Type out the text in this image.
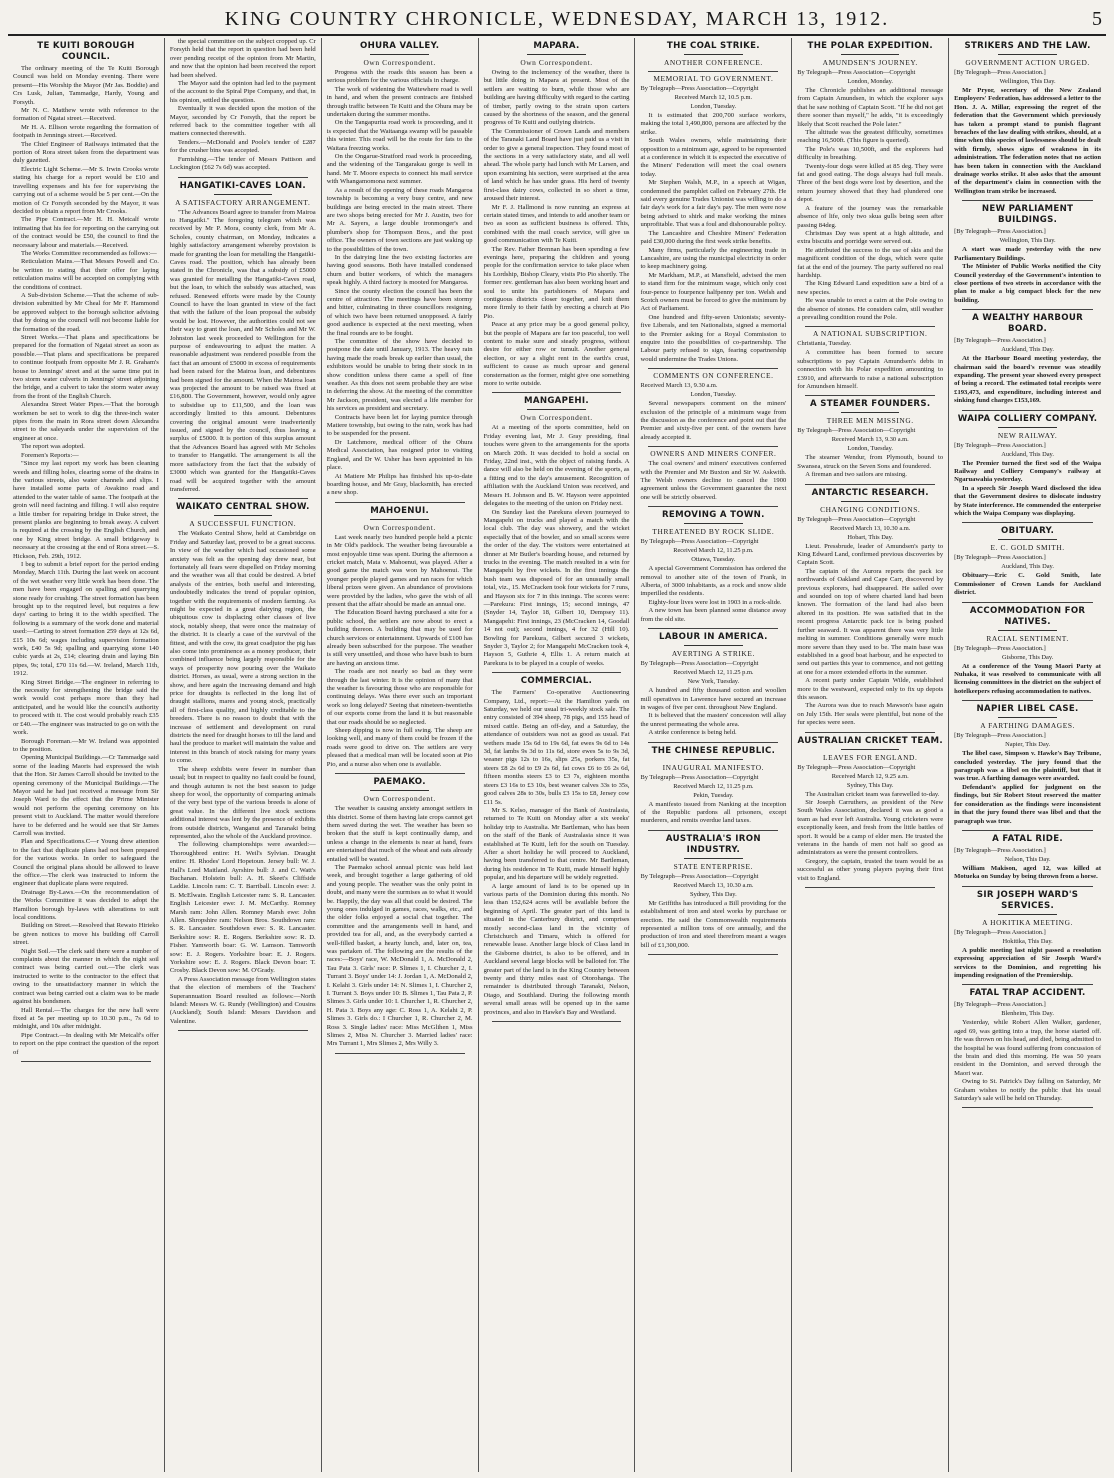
KING COUNTRY CHRONICLE, WEDNESDAY, MARCH 13, 1912.	5
TE KUITI BOROUGH COUNCIL.

The ordinary meeting of the Te Kuiti Borough Council was held on Monday evening. There were present—His Worship the Mayor (Mr Jas. Boddie) and Crs Lusk, Julian, Tammadge, Hardy, Young and Forsyth.

Mr N. C. Matthew wrote with reference to the formation of Ngatai street.—Received.

Mr H. A. Ellison wrote regarding the formation of footpath in Jennings street.—Received.

The Chief Engineer of Railways intimated that the portion of Rora street taken from the department was duly gazetted.

Electric Light Scheme.—Mr S. Irwin Crooks wrote stating his charge for a report would be £10 and travelling expenses and his fee for supervising the carrying out of a scheme would be 5 per cent.—On the motion of Cr Forsyth seconded by the Mayor, it was decided to obtain a report from Mr Crooks.

The Pipe Contract.—Mr H. H. Metcalf wrote intimating that his fee for reporting on the carrying out of the contract would be £50, the council to find the necessary labour and materials.—Received.

The Works Committee recommended as follows:—

Reticulation Mains.—That Messrs Powell and Co. be written to stating that their offer for laying reticulation mains will be accepted on complying with the conditions of contract.

A Sub-division Scheme.—That the scheme of sub-division submitted by Mr Cheal for Mr F. Hammond be approved subject to the borough solicitor advising that by doing so the council will not become liable for the formation of the road.

Street Works.—That plans and specifications be prepared for the formation of Ngatai street as soon as possible.—That plans and specifications be prepared to continue footpath from opposite Mr J. R. Graham's house to Jennings' street and at the same time put in two storm water culverts in Jennings' street adjoining the bridge, and a culvert to take the storm water away from the front of the English Church.

Alexandra Street Water Pipes.—That the borough workmen be set to work to dig the three-inch water pipes from the main in Rora street down Alexandra street to the saleyards under the supervision of the engineer at once.

The report was adopted.

Foremen's Reports:—

"Since my last report my work has been cleaning weeds and filling holes, clearing some of the drains in the various streets, also water channels and slips. I have installed some parts of Awakino road and attended to the water table of same. The footpath at the groin will need facining and filling. I will also require a little timber for repairing bridge in Duke street, the present planks are beginning to break away. A culvert is required at the crossing by the English Church, and one by King street bridge. A small bridgeway is necessary at the crossing at the end of Rora street.—S. Hickson, Feb. 29th, 1912.

I beg to submit a brief report for the period ending Monday, March 11th. During the last week on account of the wet weather very little work has been done. The men have been engaged on spalling and quarrying stone ready for crushing. The street formation has been brought up to the required level, but requires a few days' carting to bring it to the width specified. The following is a summary of the work done and material used:—Carting to street formation 259 days at 12s 6d, £15 10s 6d; wages including supervision formation work, £40 5s 9d; spalling and quarrying stone 140 cubic yards at 2s, £14; clearing drain and laying Bin pipes, 9s; total, £70 11s 6d.—W. Ireland, March 11th, 1912.

King Street Bridge.—The engineer in referring to the necessity for strengthening the bridge said the work would cost perhaps more than they had anticipated, and he would like the council's authority to proceed with it. The cost would probably reach £35 or £40.—The engineer was instructed to go on with the work.

Borough Foreman.—Mr W. Ireland was appointed to the position.

Opening Municipal Buildings.—Cr Tammadge said some of the leading Maoris had expressed the wish that the Hon. Sir James Carroll should be invited to the opening ceremony of the Municipal Buildings.—The Mayor said he had just received a message from Sir Joseph Ward to the effect that the Prime Minister would not perform the opening ceremony on his present visit to Auckland. The matter would therefore have to be deferred and he would see that Sir James Carroll was invited.

Plan and Specifications.C—r Young drew attention to the fact that duplicate plans had not been prepared for the various works. In order to safeguard the Council the original plans should be allowed to leave the office.—The clerk was instructed to inform the engineer that duplicate plans were required.

Drainage By-Laws.—On the recommendation of the Works Committee it was decided to adopt the Hamilton borough by-laws with alterations to suit local conditions.

Building on Street.—Resolved that Rewato Hirieko be given notices to move his building off Carroll street.

Night Soil.—The clerk said there were a number of complaints about the manner in which the night soil contract was being carried out.—The clerk was instructed to write to the contractor to the effect that owing to the unsatisfactory manner in which the contract was being carried out a claim was to be made against his bondsmen.

Hall Rental.—The charges for the new hall were fixed at 5s per meeting up to 10.30 p.m., 7s 6d to midnight, and 10s after midnight.

Pipe Contract.—In dealing with Mr Metcalf's offer to report on the pipe contract the question of the report of

the special committee on the subject cropped up. Cr Forsyth held that the report in question had been held over pending receipt of the opinion from Mr Martin, and now that the opinion had been received the report had been shelved.

The Mayor said the opinion had led to the payment of the account to the Spiral Pipe Company, and that, in his opinion, settled the question.

Eventually it was decided upon the motion of the Mayor, seconded by Cr Forsyth, that the report be referred back to the committee together with all matters connected therewith.

Tenders.—McDonald and Poole's tender of £287 for the crusher bins was accepted.

Furnishing.—The tender of Messrs Pattison and Lockington (£62 7s 6d) was accepted.

HANGATIKI-CAVES LOAN.
A SATISFACTORY ARRANGEMENT.

"The Advances Board agree to transfer from Mairoa to Hangatiki." The foregoing telegram which was received by Mr P. Mora, county clerk, from Mr A. Scholes, county chairman, on Monday, indicates a highly satisfactory arrangement whereby provision is made for granting the loan for metalling the Hangatiki-Caves road. The position, which has already been stated in the Chronicle, was that a subsidy of £5000 was granted for metalling the Hangatiki-Caves road, but the loan, to which the subsidy was attached, was refused. Renewed efforts were made by the County Council to have the loan granted in view of the fact that with the failure of the loan proposal the subsidy would be lost. However, the authorities could not see their way to grant the loan, and Mr Scholes and Mr W. Johnston last week proceeded to Wellington for the purpose of endeavouring to adjust the matter. A reasonable adjustment was rendered possible from the fact that an amount of £5000 in excess of requirements had been raised for the Mairoa loan, and debentures had been signed for the amount. When the Mairoa loan was projected the amount to be raised was fixed at £16,800. The Government, however, would only agree to subsidise up to £11,500, and the loan was accordingly limited to this amount. Debentures covering the original amount were inadvertently issued, and signed by the council, thus leaving a surplus of £5000. It is portion of this surplus amount that the Advances Board has agreed with Mr Scholes to transfer to Hangatiki. The arrangement is all the more satisfactory from the fact that the subsidy of £3000 which was granted for the Hangatiki-Caves road will be acquired together with the amount transferred.

WAIKATO CENTRAL SHOW.
A SUCCESSFUL FUNCTION.

The Waikato Central Show, held at Cambridge on Friday and Saturday last, proved to be a great success. In view of the weather which had occasioned some anxiety was felt as the opening day drew near, but fortunately all fears were dispelled on Friday morning and the weather was all that could be desired. A brief analysis of the entries, both useful and interesting, undoubtedly indicates the trend of popular opinion, together with the requirements of modern farming. As might be expected in a great dairying region, the ubiquitous cow is displacing other classes of live stock, notably sheep, that were once the mainstay of the district. It is clearly a case of the survival of the fittest, and with the cow, its great coadjutor the pig has also come into prominence as a money producer, their combined influence being largely responsible for the ways of prosperity now pouring over the Waikato district. Horses, as usual, were a strong section in the show, and here again the increasing demand and high price for draughts is reflected in the long list of draught stallions, mares and young stock, practically all of first-class quality, and highly creditable to the breeders. There is no reason to doubt that with the increase of settlement and development on rural districts the need for draught horses to till the land and haul the produce to market will maintain the value and interest in this branch of stock raising for many years to come.

The sheep exhibits were fewer in number than usual; but in respect to quality no fault could be found, and though autumn is not the best season to judge sheep for wool, the opportunity of comparing animals of the very best type of the various breeds is alone of great value. In the different live stock sections additional interest was lent by the presence of exhibits from outside districts, Wanganui and Taranaki being represented, also the whole of the Auckland province.

The following championships were awarded:—Thoroughbred entire: H. Weil's Sylvian. Draught entire: H. Rhodes' Lord Hopetoun. Jersey bull: W. J. Hall's Lord Maitland. Ayrshire bull: J. and C. Watt's Buchanan. Holstein bull: A. H. Skeet's Cliffside Laddie. Lincoln ram: C. T. Barriball. Lincoln ewe: J. B. McElwain. English Leicester ram: S. R. Lancaster. English Leicester ewe: J. M. McCarthy. Romney Marsh ram: John Allen. Romney Marsh ewe: John Allen. Shropshire ram: Nelson Bros. Southdown ram: S. R. Lancaster. Southdown ewe: S. R. Lancaster. Berkshire sow: R. E. Rogers. Berkshire sow: R. D. Fisher. Yamworth boar: G. W. Lamson. Tamworth sow: E. J. Rogers. Yorkshire boar: E. J. Rogers. Yorkshire sow: E. J. Rogers. Black Devon boar: T. Crosby. Black Devon sow: M. O'Grady.

A Press Association message from Wellington states that the election of members of the Teachers' Superannuation Board resulted as follows:—North Island: Messrs W. G. Rundy (Wellington) and Cousins (Auckland); South Island: Messrs Davidson and Valentine.

OHURA VALLEY.
Own Correspondent.

Progress with the roads this season has been a serious problem for the various officials in charge.

The work of widening the Waitewhere road is well in hand, and when the present contracts are finished through traffic between Te Kuiti and the Ohura may be undertaken during the summer months.

On the Tangapurita road work is proceeding, and it is expected that the Waitaanga swamp will be passable this winter. This road will be the route for fats to the Waitara freezing works.

On the Ongarue-Stratford road work is proceeding, and the widening of the Tangarakau gorge is well in hand. Mr T. Moore expects to connect his mail service with Whangamomona next summer.

As a result of the opening of these roads Mangaroa township is becoming a very busy centre, and new buildings are being erected in the main street. There are two shops being erected for Mr J. Austin, two for Mr A. Sayers, a large double ironmonger's and plumber's shop for Thompson Bros., and the post office. The owners of town sections are just waking up to the possibilities of the town.

In the dairying line the two existing factories are having good seasons. Both have installed condensed churn and butter workers, of which the managers speak highly. A third factory is mooted for Mangaroa.

Since the county election the council has been the centre of attraction. The meetings have been stormy and bitter, culminating in three councillors resigning, of which two have been returned unopposed. A fairly good audience is expected at the next meeting, when the final rounds are to be fought.

The committee of the show have decided to postpone the date until January, 1913. The heavy rain having made the roads break up earlier than usual, the exhibitors would be unable to bring their stock in in show condition unless there came a spell of fine weather. As this does not seem probable they are wise in deferring the show. At the meeting of the committee Mr Jackson, president, was elected a life member for his services as president and secretary.

Contracts have been let for laying pumice through Matiere township, but owing to the rain, work has had to be suspended for the present.

Dr Latchmore, medical officer of the Ohura Medical Association, has resigned prior to visiting England, and Dr W. Usher has been appointed in his place.

At Matiere Mr Philips has finished his up-to-date boarding house, and Mr Gray, blacksmith, has erected a new shop.

MAHOENUI.
Own Correspondent.

Last week nearly two hundred people held a picnic in Mr Old's paddock. The weather being favourable a most enjoyable time was spent. During the afternoon a cricket match, Mata v. Mahoenui, was played. After a good game the match was won by Mahoenui. The younger people played games and ran races for which liberal prizes were given. An abundance of provisions were provided by the ladies, who gave the wish of all present that the affair should be made an annual one.

The Education Board having purchased a site for a public school, the settlers are now about to erect a building thereon. A building that may be used for church services or entertainment. Upwards of £100 has already been subscribed for the purpose. The weather is still very unsettled, and those who have bush to burn are having an anxious time.

The roads are not nearly so bad as they were through the last winter. It is the opinion of many that the weather is favouring those who are responsible for continuing delays. Was there ever such an important work so long delayed? Seeing that nineteen-twentieths of our exports come from the land it is but reasonable that our roads should be so neglected.

Sheep dipping is now in full swing. The sheep are looking well, and many of them could be frozen if the roads were good to drive on. The settlers are very pleased that a medical man will be located soon at Pio Pio, and a nurse also when one is available.

PAEMAKO.
Own Correspondent.

The weather is causing anxiety amongst settlers in this district. Some of them having late crops cannot get them saved during the wet. The weather has been so broken that the stuff is kept continually damp, and unless a change in the elements is near at hand, fears are entertained that much of the wheat and oats already entailed will be wasted.

The Paemako school annual picnic was held last week, and brought together a large gathering of old and young people. The weather was the only point in doubt, and many were the surmises as to what it would be. Happily, the day was all that could be desired. The young ones indulged in games, races, walks, etc., and the older folks enjoyed a social chat together. The committee and the arrangements well in hand, and provided tea for all, and, as the everybody carried a well-filled basket, a hearty lunch, and, later on, tea, was partaken of. The following are the results of the races:—Boys' race, W. McDonald 1, A. McDonald 2, Tau Pata 3. Girls' race: P. Slimes 1, I. Churcher 2, I. Turrant 3. Boys' under 14: J. Jordan 1, A. McDonald 2, I. Kelahi 3. Girls under 14: N. Slimes 1, I. Churcher 2, I. Turrant 3. Boys under 10: B. Slimes 1, Tau Pata 2, P. Slimes 3. Girls under 10: I. Churcher 1, R. Churcher 2, H. Pata 3. Boys any age: C. Ross 1, A. Kelahi 2, P. Slimes 3. Girls do.: I Churcher 1, R. Churcher 2, M. Ross 3. Single ladies' race: Miss McGlihen 1, Miss Slimes 2, Miss N. Churcher 3. Married ladies' race: Mrs Turrant 1, Mrs Slimes 2, Mrs Willy 3.

MAPARA.
Own Correspondent.

Owing to the inclemency of the weather, there is but little doing in Mapara at present. Most of the settlers are waiting to burn, while those who are building are having difficulty with regard to the carting of timber, partly owing to the strain upon carters caused by the shortness of the season, and the general progress of Te Kuiti and outlying districts.

The Commissioner of Crown Lands and members of the Taranaki Land Board have just paid us a visit in order to give a general inspection. They found most of the sections in a very satisfactory state, and all well ahead. The whole party had lunch with Mr Larsen, and upon examining his section, were surprised at the area of land which he has under grass. His herd of twenty first-class dairy cows, collected in so short a time, aroused their interest.

Mr F. J. Hallmond is now running an express at certain stated times, and intends to add another team or two as soon as sufficient business is offered. This, combined with the mail coach service, will give us good communication with Te Kuiti.

The Rev. Father Brennan has been spending a few evenings here, preparing the children and young people for the confirmation service to take place when his Lordship, Bishop Cleary, visits Pio Pio shortly. The former rev. gentleman has also been working heart and soul to unite his parishioners of Mapara and contiguous districts closer together, and knit them more firmly to their faith by erecting a church at Pio Pio.

Peace at any price may be a good general policy, but the people of Mapara are far too peaceful, too well content to make sure and steady progress, without desire for either row or tumult. Another general election, or say a slight rent in the earth's crust, sufficient to cause as much uproar and general consternation as the former, might give one something more to write outside.

MANGAPEHI.
Own Correspondent.

At a meeting of the sports committee, held on Friday evening last, Mr J. Gray presiding, final touches were given to the arrangements for the sports on March 20th. It was decided to hold a social on Friday, 22nd inst., with the object of raising funds. A dance will also be held on the evening of the sports, as a fitting end to the day's amusement. Recognition of affiliation with the Auckland Union was received, and Messrs H. Johnson and B. W. Hayson were appointed delegates to the meeting of the union on Friday next.

On Sunday last the Parekura eleven journeyed to Mangapehi on trucks and played a match with the local club. The day was showery, and the wicket especially that of the bowler, and so small scores were the order of the day. The visitors were entertained at dinner at Mr Butler's boarding house, and returned by trucks in the evening. The match resulted in a win for Mangapehi by five wickets. In the first innings the bush team was disposed of for an unusually small total, viz., 15. McCracken took four wickets for 7 runs, and Hayson six for 7 in this innings. The scores were:—Parekura: First innings, 15; second innings, 47 (Snyder 14, Taylor 18, Gilbert 10, Dempsey 11). Mangapehi: First innings, 23 (McCracken 14, Goodall 14 not out); second innings, 4 for 32 (Hill 10). Bowling for Parekura, Gilbert secured 3 wickets, Snyder 3, Taylor 2; for Mangapehi McCracken took 4, Hayson 5, Guthrie 4, Ellis 1. A return match at Parekura is to be played in a couple of weeks.

COMMERCIAL.

The Farmers' Co-operative Auctioneering Company, Ltd., report:—At the Hamilton yards on Saturday, we held our usual tri-weekly stock sale. The entry consisted of 394 sheep, 78 pigs, and 155 head of mixed cattle. Being an off-day, and a Saturday, the attendance of outsiders was not as good as usual. Fat wethers made 15s 6d to 19s 6d, fat ewes 9s 6d to 14s 3d, fat lambs 9s 3d to 11s 6d, store ewes 5s to 9s 3d, weaner pigs 12s to 16s, slips 25s, porkers 35s, fat steers £8 2s 6d to £9 2s 6d, fat cows £6 to £6 2s 6d, fifteen months steers £3 to £3 7s, eighteen months steers £3 16s to £3 10s, best weaner calves 33s to 35s, good calves 28s to 30s, bulls £3 15s to £8, Jersey cow £11 5s.

Mr S. Kelso, manager of the Bank of Australasia, returned to Te Kuiti on Monday after a six weeks' holiday trip to Australia. Mr Bartleman, who has been on the staff of the Bank of Australasia since it was established at Te Kuiti, left for the south on Tuesday. After a short holiday he will proceed to Auckland, having been transferred to that centre. Mr Bartleman, during his residence in Te Kuiti, made himself highly popular, and his departure will be widely regretted.

A large amount of land is to be opened up in various parts of the Dominion during this month. No less than 152,624 acres will be available before the beginning of April. The greater part of this land is situated in the Canterbury district, and comprises mostly second-class land in the vicinity of Christchurch and Timaru, which is offered for renewable lease. Another large block of Class land in the Gisborne district, is also to be offered, and in Auckland several large blocks will be balloted for. The greater part of the land is in the King Country between twenty and thirty miles east of Otorohanga. The remainder is distributed through Taranaki, Nelson, Otago, and Southland. During the following month several small areas will be opened up in the same provinces, and also in Hawke's Bay and Westland.

THE COAL STRIKE.
ANOTHER CONFERENCE.
MEMORIAL TO GOVERNMENT.
By Telegraph—Press Association—Copyright
Received March 12, 10.5 p.m.
London, Tuesday.

It is estimated that 200,700 surface workers, making the total 1,490,800, persons are affected by the strike.

South Wales owners, while maintaining their opposition to a minimum age, agreed to be represented at a conference in which it is expected the executive of the Miners' Federation will meet the coal owners today.

Mr Stephen Walsh, M.P., in a speech at Wigan, condemned the pamphlet called on February 27th. He said every genuine Trades Unionist was willing to do a fair day's work for a fair day's pay. The men were now being advised to shirk and make working the mines unprofitable. That was a foul and dishonourable policy.

The Lancashire and Cheshire Miners' Federation paid £30,000 during the first week strike benefits.

Many firms, particularly the engineering trade in Lancashire, are using the municipal electricity in order to keep machinery going.

Mr Markham, M.P., at Mansfield, advised the men to stand firm for the minimum wage, which only cost four-pence to fourpence halfpenny per ton. Welsh and Scotch owners must be forced to give the minimum by Act of Parliament.

One hundred and fifty-seven Unionists; seventy-five Liberals, and ten Nationalists, signed a memorial to the Premier asking for a Royal Commission to enquire into the possibilities of co-partnership. The Labour party refused to sign, fearing copartnership would undermine the Trades Unions.

COMMENTS ON CONFERENCE.
Received March 13, 9.30 a.m.
London, Tuesday.

Several newspapers comment on the miners' exclusion of the principle of a minimum wage from the discussion as the conference and point out that the Premier and sixty-five per cent. of the owners have already accepted it.

OWNERS AND MINERS CONFER.

The coal owners' and miners' executives conferred with the Premier and Mr Buxton and Sir W. Askwith. The Welsh owners decline to cancel the 1900 agreement unless the Government guarantee the next one will be strictly observed.

REMOVING A TOWN.
THREATENED BY ROCK SLIDE.
By Telegraph—Press Association—Copyright
Received March 12, 11.25 p.m.
Ottawa, Tuesday.

A special Government Commission has ordered the removal to another site of the town of Frank, in Alberta, of 3000 inhabitants, as a rock and snow slide imperilled the residents.

Eighty-four lives were lost in 1903 in a rock-slide.

A new town has been planned some distance away from the old site.

LABOUR IN AMERICA.
AVERTING A STRIKE.
By Telegraph—Press Association—Copyright
Received March 12, 11.25 p.m.
New York, Tuesday.

A hundred and fifty thousand cotton and woollen mill operatives in Lawrence have secured an increase in wages of five per cent. throughout New England.

It is believed that the masters' concession will allay the unrest permeating the whole area.

A strike conference is being held.

THE CHINESE REPUBLIC.
INAUGURAL MANIFESTO.
By Telegraph—Press Association—Copyright
Received March 12, 11.25 p.m.
Pekin, Tuesday.

A manifesto issued from Nanking at the inception of the Republic pardons all prisoners, except murderers, and remits overdue land taxes.

AUSTRALIA'S IRON INDUSTRY.
STATE ENTERPRISE.
By Telegraph—Press Association—Copyright
Received March 13, 10.30 a.m.
Sydney, This Day.

Mr Griffiths has introduced a Bill providing for the establishment of iron and steel works by purchase or erection. He said the Commonwealth requirements represented a million tons of ore annually, and the production of iron and steel therefrom meant a wages bill of £1,300,000.

THE POLAR EXPEDITION.
AMUNDSEN'S JOURNEY.
By Telegraph—Press Association—Copyright
London, Monday.

The Chronicle publishes an additional message from Captain Amundsen, in which the explorer says that he saw nothing of Captain Scott. "If he did not get there sooner than myself," he adds, "it is exceedingly likely that Scott reached the Pole later."

The altitude was the greatest difficulty, sometimes reaching 16,500ft. (This figure is queried).

The Pole's was 10,500ft, and the explorers had difficulty in breathing.

Twenty-four dogs were killed at 85 deg. They were fat and good eating. The dogs always had full meals. Three of the best dogs were lost by desertion, and the return journey showed that they had plundered one depot.

A feature of the journey was the remarkable absence of life, only two skua gulls being seen after passing 84deg.

Christmas Day was spent at a high altitude, and extra biscuits and porridge were served out.

He attributed the success to the use of skis and the magnificent condition of the dogs, which were quite fat at the end of the journey. The party suffered no real hardship.

The King Edward Land expedition saw a bird of a new species.

He was unable to erect a cairn at the Pole owing to the absence of stones. He considers calm, still weather a prevailing condition round the Pole.

A NATIONAL SUBSCRIPTION.
Christiania, Tuesday.

A committee has been formed to secure subscriptions to pay Captain Amundsen's debts in connection with his Polar expedition amounting to £3910, and afterwards to raise a national subscription for Amundsen himself.

A STEAMER FOUNDERS.
THREE MEN MISSING.
By Telegraph—Press Association—Copyright
Received March 13, 9.30 a.m.
London, Tuesday.

The steamer Wendur, from Plymouth, bound to Swansea, struck on the Seven Sons and foundered.

A fireman and two sailors are missing.

ANTARCTIC RESEARCH.
CHANGING CONDITIONS.
By Telegraph—Press Association—Copyright
Received March 13, 10.30 a.m.
Hobart, This Day.

Lieut. Pressbrude, leader of Amundsen's party to King Edward Land, confirmed previous discoveries by Captain Scott.

The captain of the Aurora reports the pack ice northwards of Oakland and Cape Carr, discovered by previous explorers, had disappeared. He sailed over and sounded on top of where charted land had been known. The formation of the land had also been altered in its position. He was satisfied that in the recent progress Antarctic pack ice is being pushed further seaward. It was apparent there was very little melting in summer. Conditions generally were much more severe than they used to be. The main base was established in a good boat harbour, and he expected to send out parties this year to commence, and not getting at one for a more extended efforts in the summer.

A recent party under Captain Wilde, established more to the westward, expected only to fix up depots this season.

The Aurora was due to reach Mawson's base again on July 15th. Her seals were plentiful, but none of the fur species were seen.

AUSTRALIAN CRICKET TEAM.
LEAVES FOR ENGLAND.
By Telegraph—Press Association—Copyright
Received March 12, 9.25 a.m.
Sydney, This Day.

The Australian cricket team was farewelled to-day.

Sir Joseph Carruthers, as president of the New South Wales Association, declared it was as good a team as had ever left Australia. Young cricketers were exceptionally keen, and fresh from the little battles of sport. It would be a camp of elder men. He trusted the veterans in the hands of men not half so good as administrators as were the present controllers.

Gregory, the captain, trusted the team would be as successful as other young players paying their first visit to England.

STRIKERS AND THE LAW.
GOVERNMENT ACTION URGED.
[By Telegraph—Press Association.]
Wellington, This Day.

Mr Pryor, secretary of the New Zealand Employers' Federation, has addressed a letter to the Hon. J. A. Millar, expressing the regret of the federation that the Government which previously has taken a prompt stand to punish flagrant breaches of the law dealing with strikes, should, at a time when this species of lawlessness should be dealt with firmly, shows signs of weakness in its administration. The federation notes that no action has been taken in connection with the Auckland drainage works strike. It also asks that the amount of the department's claim in connection with the Wellington tram strike be increased.

NEW PARLIAMENT BUILDINGS.
[By Telegraph—Press Association.]
Wellington, This Day.

A start was made yesterday with the new Parliamentary Buildings.

The Minister of Public Works notified the City Council yesterday of the Government's intention to close portions of two streets in accordance with the plan to make a big compact block for the new building.

A WEALTHY HARBOUR BOARD.
[By Telegraph—Press Association.]
Auckland, This Day.

At the Harbour Board meeting yesterday, the chairman said the board's revenue was steadily expanding. The present year showed every prospect of being a record. The estimated total receipts were £193,473, and expenditure, including interest and sinking fund charges £153,169.

WAIPA COLLIERY COMPANY.
NEW RAILWAY.
[By Telegraph—Press Association.]
Auckland, This Day.

The Premier turned the first sod of the Waipa Railway and Colliery Company's railway at Ngaruawahia yesterday.

In a speech Sir Joseph Ward disclosed the idea that the Government desires to dislocate industry by State interference. He commended the enterprise which the Waipa Company was displaying.

OBITUARY.
E. C. GOLD SMITH.
[By Telegraph—Press Association.]
Auckland, This Day.

Obituary—Eric C. Gold Smith, late Commissioner of Crown Lands for Auckland district.

ACCOMMODATION FOR NATIVES.
RACIAL SENTIMENT.
[By Telegraph—Press Association.]
Gisborne, This Day.

At a conference of the Young Maori Party at Nuhaka, it was resolved to communicate with all licensing committees in the district on the subject of hotelkeepers refusing accommodation to natives.

NAPIER LIBEL CASE.
A FARTHING DAMAGES.
[By Telegraph—Press Association.]
Napier, This Day.

The libel case, Simpson v. Hawke's Bay Tribune, concluded yesterday. The jury found that the paragraph was a libel on the plaintiff, but that it was true. A farthing damages were awarded.

Defendant's applied for judgment on the findings, but Sir Robert Stout reserved the matter for consideration as the findings were inconsistent in that the jury found there was libel and that the paragraph was true.

A FATAL RIDE.
[By Telegraph—Press Association.]
Nelson, This Day.

William Makison, aged 12, was killed at Motueka on Sunday by being thrown from a horse.

SIR JOSEPH WARD'S SERVICES.
A HOKITIKA MEETING.
[By Telegraph—Press Association.]
Hokitika, This Day.

A public meeting last night passed a resolution expressing appreciation of Sir Joseph Ward's services to the Dominion, and regretting his impending resignation of the Premiership.

FATAL TRAP ACCIDENT.
[By Telegraph—Press Association.]
Blenheim, This Day.

Yesterday, while Robert Allen Walker, gardener, aged 69, was getting into a trap, the horse started off. He was thrown on his head, and died, being admitted to the hospital he was found suffering from concussion of the brain and died this morning. He was 50 years resident in the Dominion, and served through the Maori war.

Owing to St. Patrick's Day falling on Saturday, Mr Graham wishes to notify the public that his usual Saturday's sale will be held on Thursday.
